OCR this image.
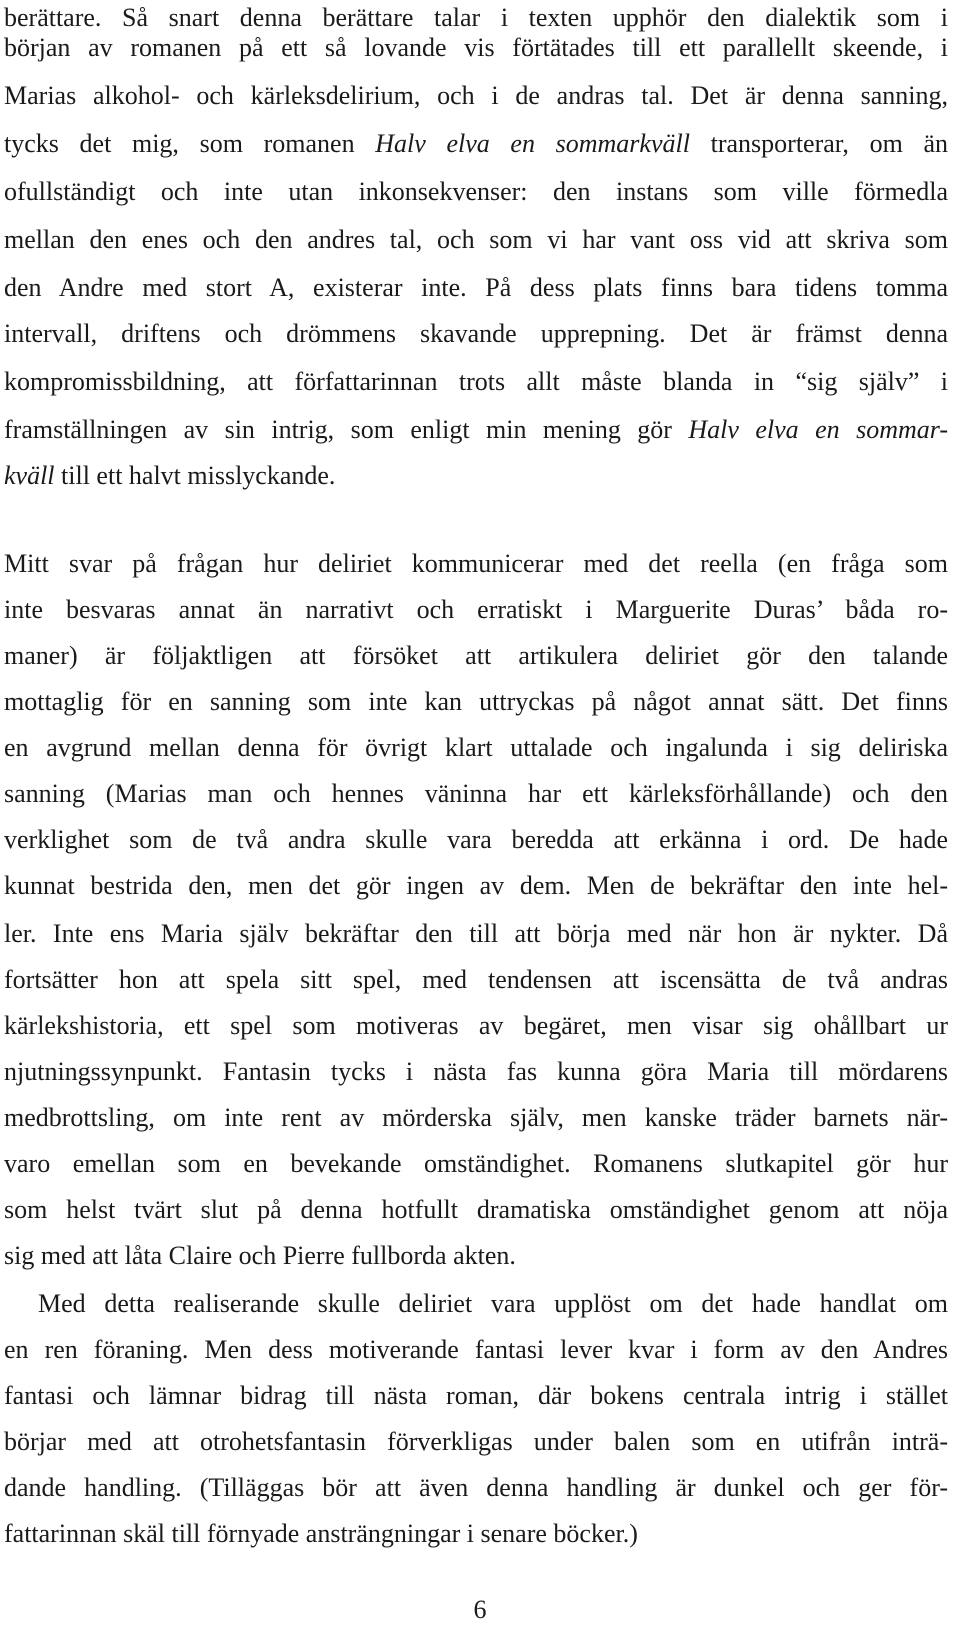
berättare. Så snart denna berättare talar i texten upphör den dialektik som i
början av romanen på ett så lovande vis förtätades till ett parallellt skeende, i
Marias alkohol- och kärleksdelirium, och i de andras tal. Det är denna sanning,
tycks det mig, som romanen Halv elva en sommarkväll transporterar, om än
ofullständigt och inte utan inkonsekvenser: den instans som ville förmedla
mellan den enes och den andres tal, och som vi har vant oss vid att skriva som
den Andre med stort A, existerar inte. På dess plats finns bara tidens tomma
intervall, driftens och drömmens skavande upprepning. Det är främst denna
kompromissbildning, att författarinnan trots allt måste blanda in “sig själv” i
framställningen av sin intrig, som enligt min mening gör Halv elva en sommar-
kväll till ett halvt misslyckande.
Mitt svar på frågan hur deliriet kommunicerar med det reella (en fråga som
inte besvaras annat än narrativt och erratiskt i Marguerite Duras’ båda ro-
maner) är följaktligen att försöket att artikulera deliriet gör den talande
mottaglig för en sanning som inte kan uttryckas på något annat sätt. Det finns
en avgrund mellan denna för övrigt klart uttalade och ingalunda i sig deliriska
sanning (Marias man och hennes väninna har ett kärleksförhållande) och den
verklighet som de två andra skulle vara beredda att erkänna i ord. De hade
kunnat bestrida den, men det gör ingen av dem. Men de bekräftar den inte hel-
ler. Inte ens Maria själv bekräftar den till att börja med när hon är nykter. Då
fortsätter hon att spela sitt spel, med tendensen att iscensätta de två andras
kärlekshistoria, ett spel som motiveras av begäret, men visar sig ohållbart ur
njutningssynpunkt. Fantasin tycks i nästa fas kunna göra Maria till mördarens
medbrottsling, om inte rent av mörderska själv, men kanske träder barnets när-
varo emellan som en bevekande omständighet. Romanens slutkapitel gör hur
som helst tvärt slut på denna hotfullt dramatiska omständighet genom att nöja
sig med att låta Claire och Pierre fullborda akten.
Med detta realiserande skulle deliriet vara upplöst om det hade handlat om
en ren föraning. Men dess motiverande fantasi lever kvar i form av den Andres
fantasi och lämnar bidrag till nästa roman, där bokens centrala intrig i stället
börjar med att otrohetsfantasin förverkligas under balen som en utifrån inträ-
dande handling. (Tilläggas bör att även denna handling är dunkel och ger för-
fattarinnan skäl till förnyade ansträngningar i senare böcker.)
6
